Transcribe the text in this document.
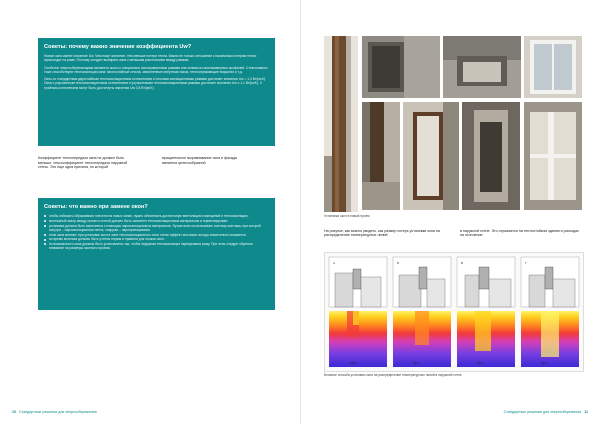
Советы: почему важно значение коэффициента Uw?

Новые окна имеют значение Uw. Чем ниже значение, тем меньше потери тепла. Важно не только отношение к начальным потерям тепла: происходит на раме. Поэтому следует выбирать окна с меньшим расстоянием между рамами.

Особенно энергосберегающими являются окна со специально изолированными рамами или окнами из многокамерных профилей. Стеклопакеты тоже способствуют теплоизоляции окна: многослойные стекла, заполненные инертным газом, теплоотражающие покрытия и т.д.

Окно со стандартным двухслойным теплоизоляционным остеклением и плохими изоляционными рамами достигает значения Uw = 1,3 Вт/(м²K). Окна с улучшенным теплоизоляционным остеклением и улучшенными теплоизоляционными рамами достигает значения Uw ≤ 1,1 Вт/(м²K). С тройным остеклением могут быть достигнуты значения Uw 0,8 Вт/(м²K).

Коэффициент теплопередачи окна не должен быть меньше, чем коэффициент теплопередачи наружной стены. Это еще одна причина, по которой
вращательное выравнивание окна и фасада является целесообразной.
Советы: что важно при замене окон?
чтобы избежать образования плесени на новых окнах, нужно обеспечить достаточную вентиляцию помещений и теплоизоляцию.
монтажный зазор между окном и стеной должен быть заполнен теплоизоляционным материалом и герметизирован.
установка должна быть выполнена с помощью пароизоляционных материалов. Лучше всего использовать систему монтажа, при которой изнутри – пароизоляционная лента, снаружи – паропроницаемая.
если окна меняют, при установке окон в зоне теплоизоляционного слоя стены эффект мостиков холода значительно снижается.
во время монтажа должны быть учтены нормы и правила для стыков окон.
по возможности окна должны быть установлены так, чтобы наружная теплоизоляция перекрывала раму. При этом следует обратить внимание на размеры оконного проема.
10 Стандартные решения для энергосбережения
Установка окон в новый проем
На рисунке, как можно увидеть, как размер потерь установки окна на распределение температурных линий
в наружной стене. Это отражается на теплостойком здания и расходах на отопление.
А	Б	В	Г
100%	85%	60%	40%
Влияние способа установки окна на распределение температурных линий в наружной стене
Стандартные решения для энергосбережения 11
